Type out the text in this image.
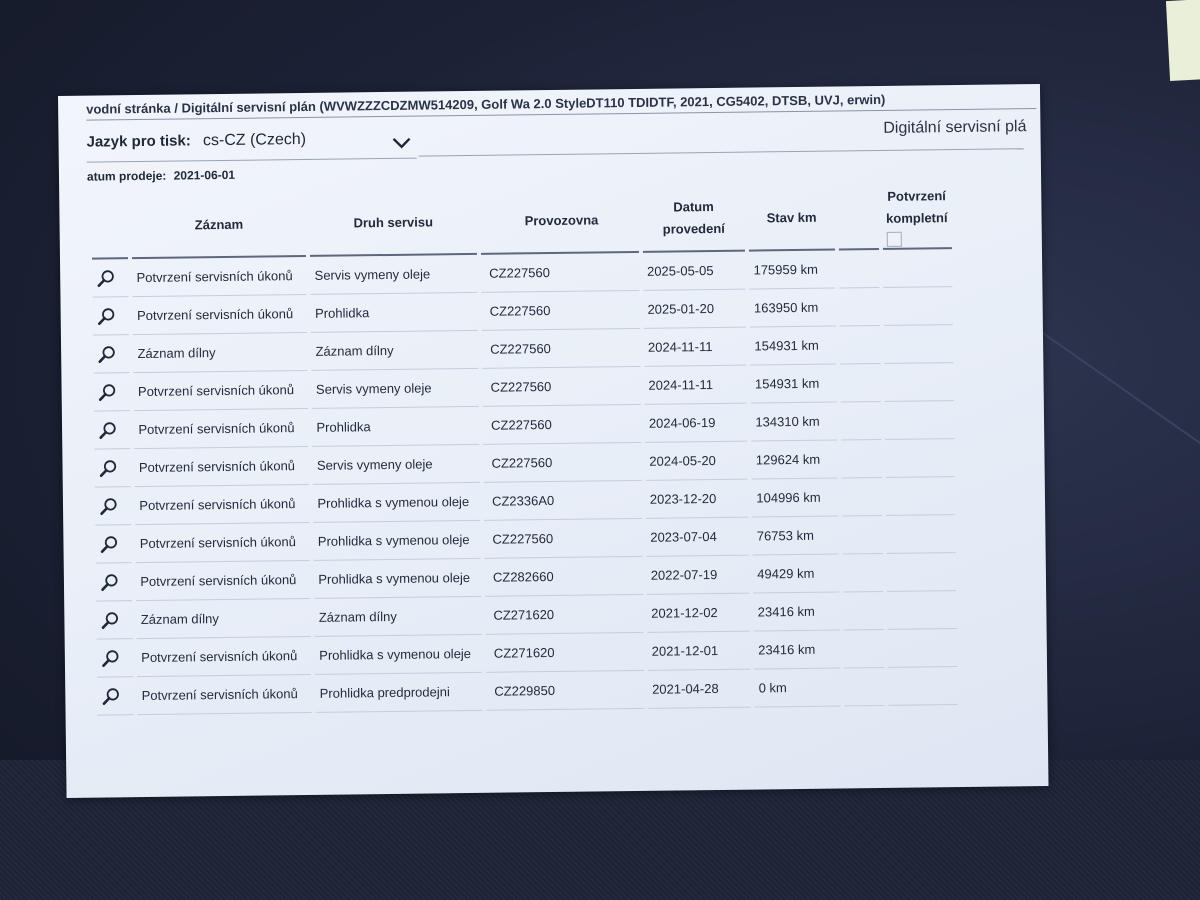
vodní stránka / Digitální servisní plán (WVWZZZCDZMW514209, Golf Wa 2.0 StyleDT110 TDIDTF, 2021, CG5402, DTSB, UVJ, erwin)
Jazyk pro tisk: cs-CZ (Czech)
Digitální servisní plá
atum prodeje: 2021-06-01
	Záznam	Druh servisu	Provozovna	Datum
provedení	Stav km		Potvrzení
kompletní

	Potvrzení servisních úkonů	Servis vymeny oleje	CZ227560	2025-05-05	175959 km		

	Potvrzení servisních úkonů	Prohlidka	CZ227560	2025-01-20	163950 km		

	Záznam dílny	Záznam dílny	CZ227560	2024-11-11	154931 km		

	Potvrzení servisních úkonů	Servis vymeny oleje	CZ227560	2024-11-11	154931 km		

	Potvrzení servisních úkonů	Prohlidka	CZ227560	2024-06-19	134310 km		

	Potvrzení servisních úkonů	Servis vymeny oleje	CZ227560	2024-05-20	129624 km		

	Potvrzení servisních úkonů	Prohlidka s vymenou oleje	CZ2336A0	2023-12-20	104996 km		

	Potvrzení servisních úkonů	Prohlidka s vymenou oleje	CZ227560	2023-07-04	76753 km		

	Potvrzení servisních úkonů	Prohlidka s vymenou oleje	CZ282660	2022-07-19	49429 km		

	Záznam dílny	Záznam dílny	CZ271620	2021-12-02	23416 km		

	Potvrzení servisních úkonů	Prohlidka s vymenou oleje	CZ271620	2021-12-01	23416 km		

	Potvrzení servisních úkonů	Prohlidka predprodejni	CZ229850	2021-04-28	0 km		
